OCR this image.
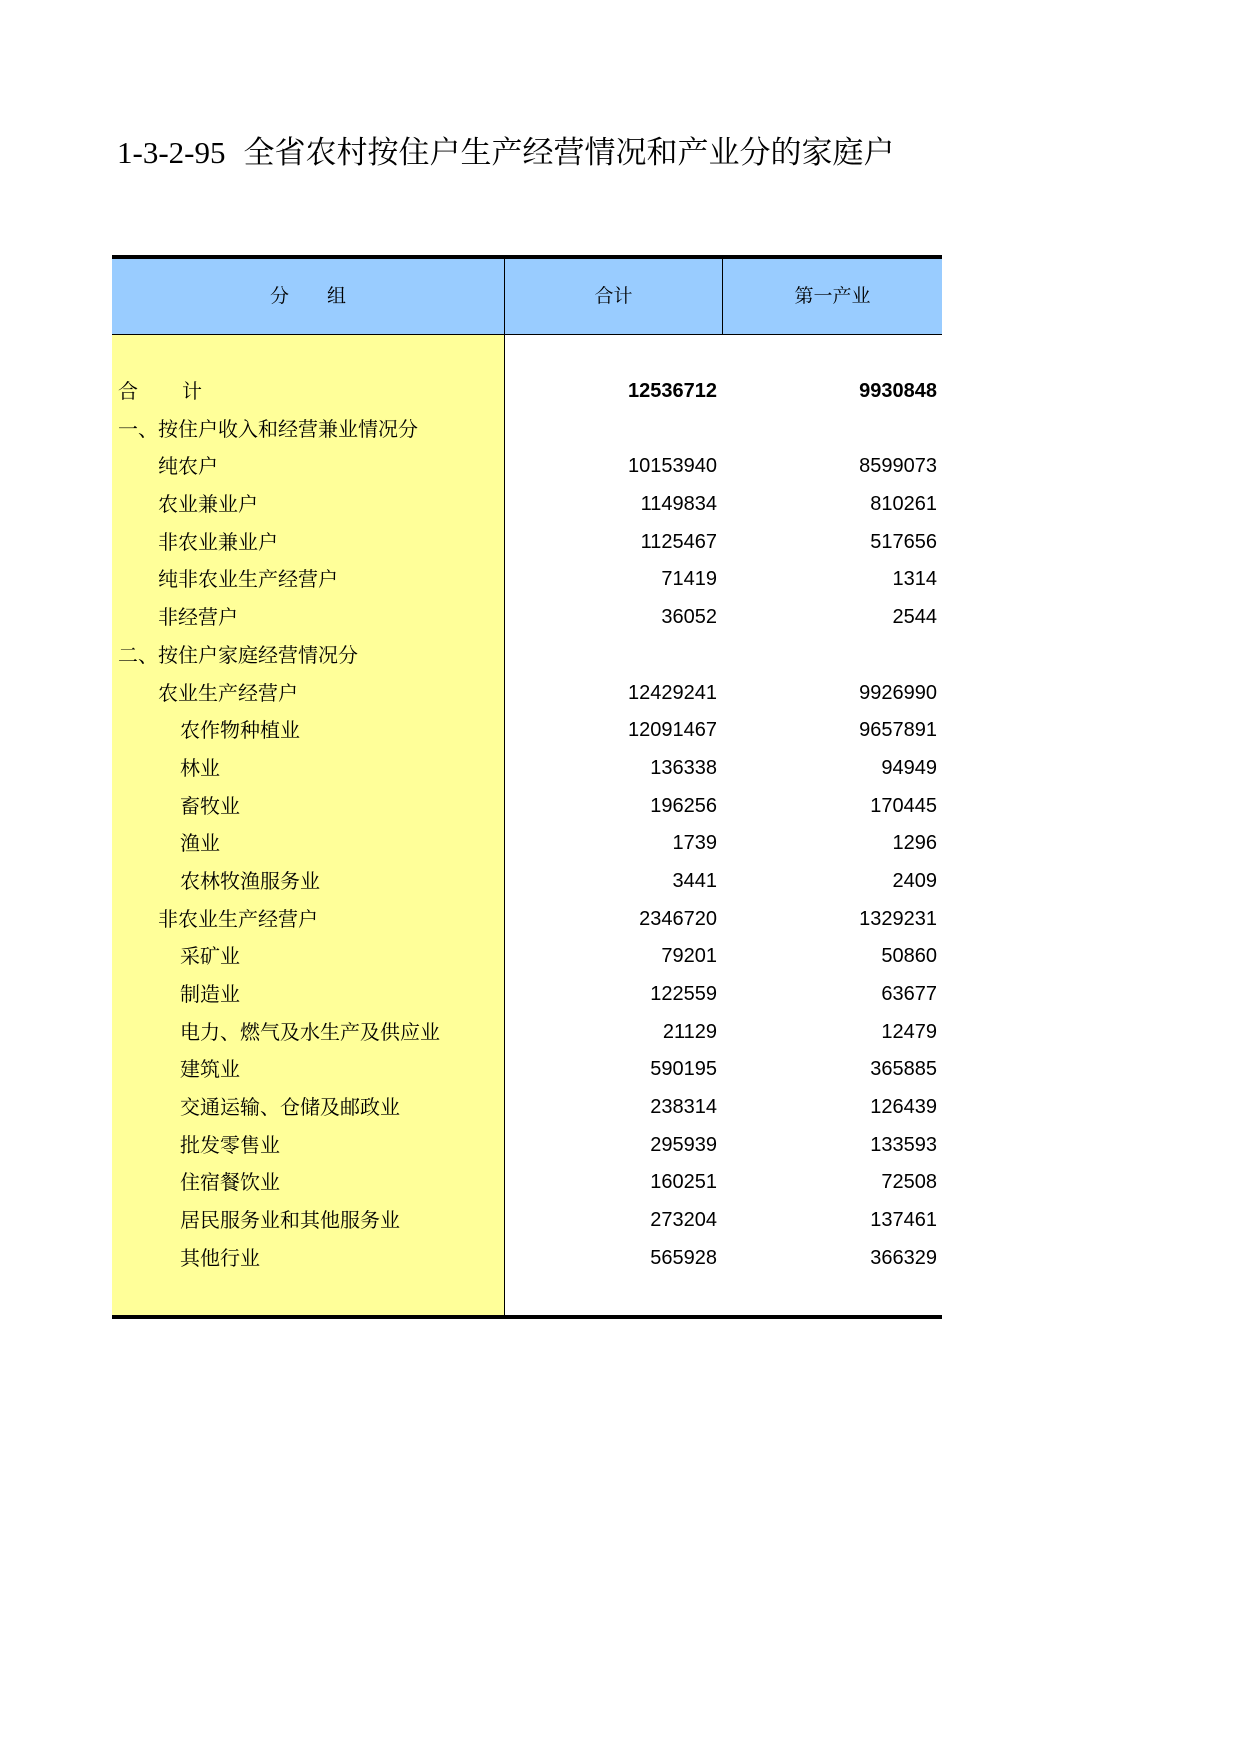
1-3-2-95 全省农村按住户生产经营情况和产业分的家庭户
分　　组	合计	第一产业
合 计	12536712	9930848
一、按住户收入和经营兼业情况分
纯农户	10153940	8599073
农业兼业户	1149834	810261
非农业兼业户	1125467	517656
纯非农业生产经营户	71419	1314
非经营户	36052	2544
二、按住户家庭经营情况分
农业生产经营户	12429241	9926990
农作物种植业	12091467	9657891
林业	136338	94949
畜牧业	196256	170445
渔业	1739	1296
农林牧渔服务业	3441	2409
非农业生产经营户	2346720	1329231
采矿业	79201	50860
制造业	122559	63677
电力、燃气及水生产及供应业	21129	12479
建筑业	590195	365885
交通运输、仓储及邮政业	238314	126439
批发零售业	295939	133593
住宿餐饮业	160251	72508
居民服务业和其他服务业	273204	137461
其他行业	565928	366329
